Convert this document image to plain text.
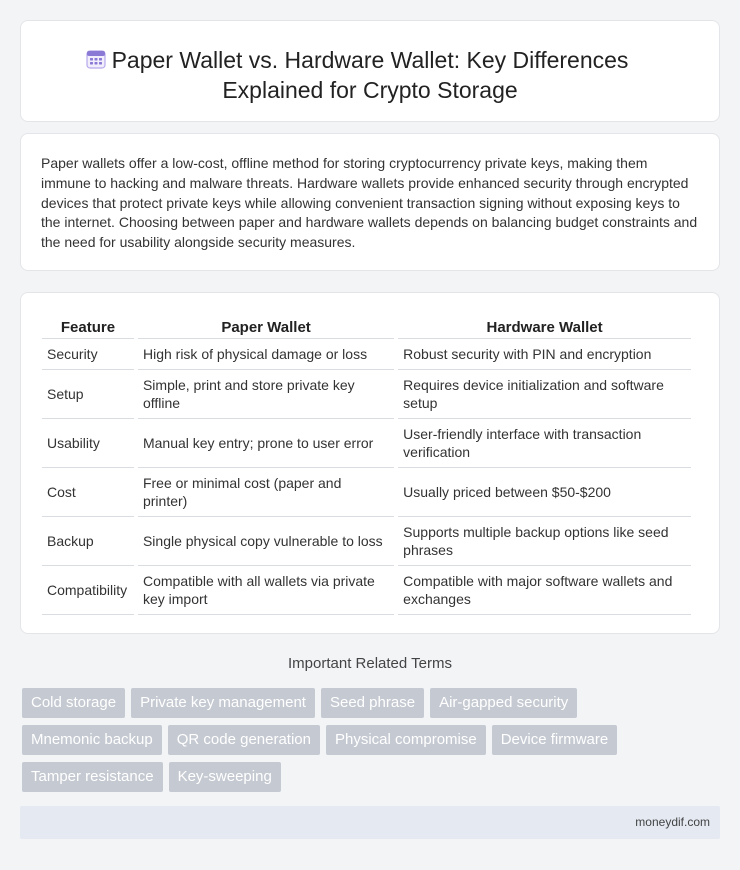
Paper Wallet vs. Hardware Wallet: Key Differences
Explained for Crypto Storage

Paper wallets offer a low-cost, offline method for storing cryptocurrency private keys, making them immune to hacking and malware threats. Hardware wallets provide enhanced security through encrypted devices that protect private keys while allowing convenient transaction signing without exposing keys to the internet. Choosing between paper and hardware wallets depends on balancing budget constraints and the need for usability alongside security measures.

Feature	Paper Wallet	Hardware Wallet
Security	High risk of physical damage or loss	Robust security with PIN and encryption
Setup	Simple, print and store private key offline	Requires device initialization and software setup
Usability	Manual key entry; prone to user error	User-friendly interface with transaction verification
Cost	Free or minimal cost (paper and printer)	Usually priced between $50-$200
Backup	Single physical copy vulnerable to loss	Supports multiple backup options like seed phrases
Compatibility	Compatible with all wallets via private key import	Compatible with major software wallets and exchanges
Important Related Terms
Cold storage	Private key management	Seed phrase	Air-gapped security
Mnemonic backup	QR code generation	Physical compromise	Device firmware
Tamper resistance	Key-sweeping
moneydif.com
